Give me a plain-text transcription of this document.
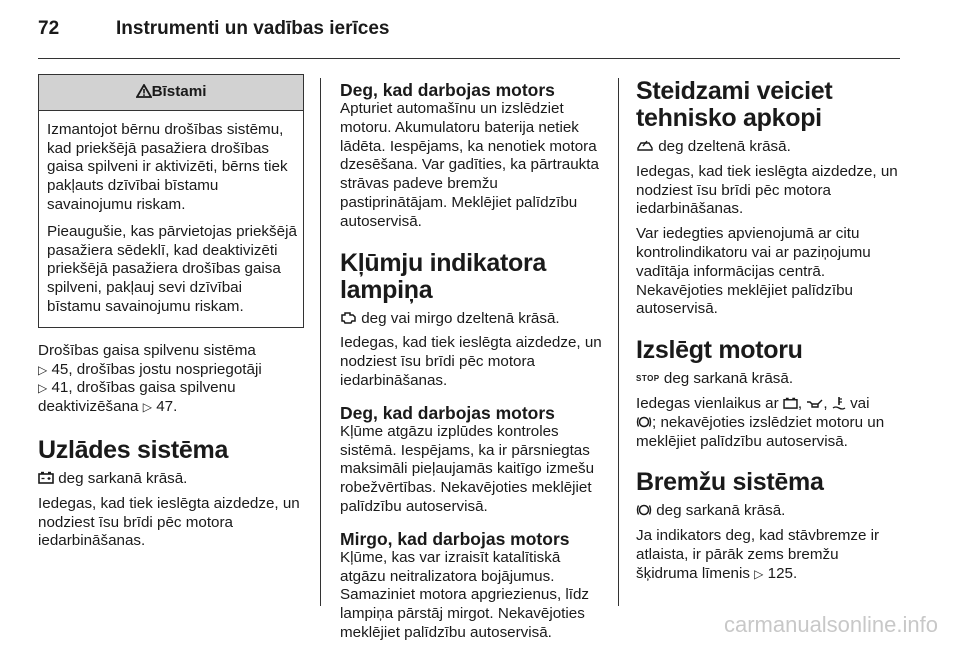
72	Instrumenti un vadības ierīces
Bīstami

Izmantojot bērnu drošības sistēmu, kad priekšējā pasažiera drošības gaisa spilveni ir aktivizēti, bērns tiek pakļauts dzīvībai bīstamu savainojumu riskam.

Pieaugušie, kas pārvietojas priekšējā pasažiera sēdeklī, kad deaktivizēti priekšējā pasažiera drošības gaisa spilveni, pakļauj sevi dzīvībai bīstamu savainojumu riskam.

Drošības gaisa spilvenu sistēma
▷ 45, drošības jostu nospriegotāji
▷ 41, drošības gaisa spilvenu deaktivizēšana ▷ 47.

Uzlādes sistēma

deg sarkanā krāsā.

Iedegas, kad tiek ieslēgta aizdedze, un nodziest īsu brīdi pēc motora iedarbināšanas.

Deg, kad darbojas motors

Apturiet automašīnu un izslēdziet motoru. Akumulatoru baterija netiek lādēta. Iespējams, ka nenotiek motora dzesēšana. Var gadīties, ka pārtraukta strāvas padeve bremžu pastiprinātājam. Meklējiet palīdzību autoservisā.

Kļūmju indikatora lampiņa

deg vai mirgo dzeltenā krāsā.

Iedegas, kad tiek ieslēgta aizdedze, un nodziest īsu brīdi pēc motora iedarbināšanas.

Deg, kad darbojas motors

Kļūme atgāzu izplūdes kontroles sistēmā. Iespējams, ka ir pārsniegtas maksimāli pieļaujamās kaitīgo izmešu robežvērtības. Nekavējoties meklējiet palīdzību autoservisā.

Mirgo, kad darbojas motors

Kļūme, kas var izraisīt katalītiskā atgāzu neitralizatora bojājumus. Samaziniet motora apgriezienus, līdz lampiņa pārstāj mirgot. Nekavējoties meklējiet palīdzību autoservisā.

Steidzami veiciet tehnisko apkopi

deg dzeltenā krāsā.

Iedegas, kad tiek ieslēgta aizdedze, un nodziest īsu brīdi pēc motora iedarbināšanas.

Var iedegties apvienojumā ar citu kontrolindikatoru vai ar paziņojumu vadītāja informācijas centrā.

Nekavējoties meklējiet palīdzību autoservisā.

Izslēgt motoru

STOP deg sarkanā krāsā.

Iedegas vienlaikus ar , ,  vai
; nekavējoties izslēdziet motoru un meklējiet palīdzību autoservisā.

Bremžu sistēma

deg sarkanā krāsā.

Ja indikators deg, kad stāvbremze ir atlaista, ir pārāk zems bremžu šķidruma līmenis ▷ 125.

carmanualsonline.info
